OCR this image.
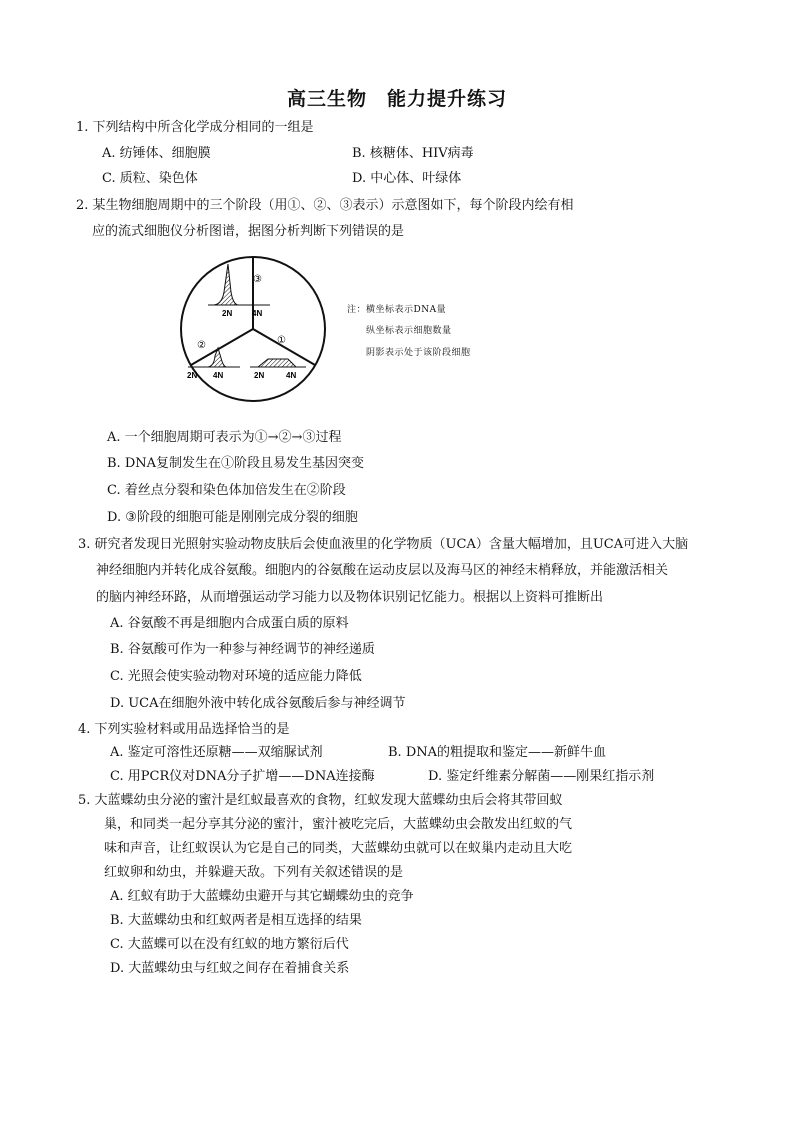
高三生物　能力提升练习
1. 下列结构中所含化学成分相同的一组是
A. 纺锤体、细胞膜	B. 核糖体、HIV病毒
C. 质粒、染色体	D. 中心体、叶绿体
2. 某生物细胞周期中的三个阶段（用①、②、③表示）示意图如下，每个阶段内绘有相
应的流式细胞仪分析图谱，据图分析判断下列错误的是
③
2N 4N
②
2N 4N
①
2N	4N
注：横坐标表示DNA量
纵坐标表示细胞数量
阴影表示处于该阶段细胞
A. 一个细胞周期可表示为①→②→③过程
B. DNA复制发生在①阶段且易发生基因突变
C. 着丝点分裂和染色体加倍发生在②阶段
D. ③阶段的细胞可能是刚刚完成分裂的细胞
3. 研究者发现日光照射实验动物皮肤后会使血液里的化学物质（UCA）含量大幅增加，且UCA可进入大脑
神经细胞内并转化成谷氨酸。细胞内的谷氨酸在运动皮层以及海马区的神经末梢释放，并能激活相关
的脑内神经环路，从而增强运动学习能力以及物体识别记忆能力。根据以上资料可推断出
A. 谷氨酸不再是细胞内合成蛋白质的原料
B. 谷氨酸可作为一种参与神经调节的神经递质
C. 光照会使实验动物对环境的适应能力降低
D. UCA在细胞外液中转化成谷氨酸后参与神经调节
4. 下列实验材料或用品选择恰当的是
A. 鉴定可溶性还原糖——双缩脲试剂	B. DNA的粗提取和鉴定——新鲜牛血
C. 用PCR仪对DNA分子扩增——DNA连接酶	D. 鉴定纤维素分解菌——刚果红指示剂
5. 大蓝蝶幼虫分泌的蜜汁是红蚁最喜欢的食物，红蚁发现大蓝蝶幼虫后会将其带回蚁
巢，和同类一起分享其分泌的蜜汁，蜜汁被吃完后，大蓝蝶幼虫会散发出红蚁的气
味和声音，让红蚁误认为它是自己的同类，大蓝蝶幼虫就可以在蚁巢内走动且大吃
红蚁卵和幼虫，并躲避天敌。下列有关叙述错误的是
A. 红蚁有助于大蓝蝶幼虫避开与其它蝴蝶幼虫的竞争
B. 大蓝蝶幼虫和红蚁两者是相互选择的结果
C. 大蓝蝶可以在没有红蚁的地方繁衍后代
D. 大蓝蝶幼虫与红蚁之间存在着捕食关系
